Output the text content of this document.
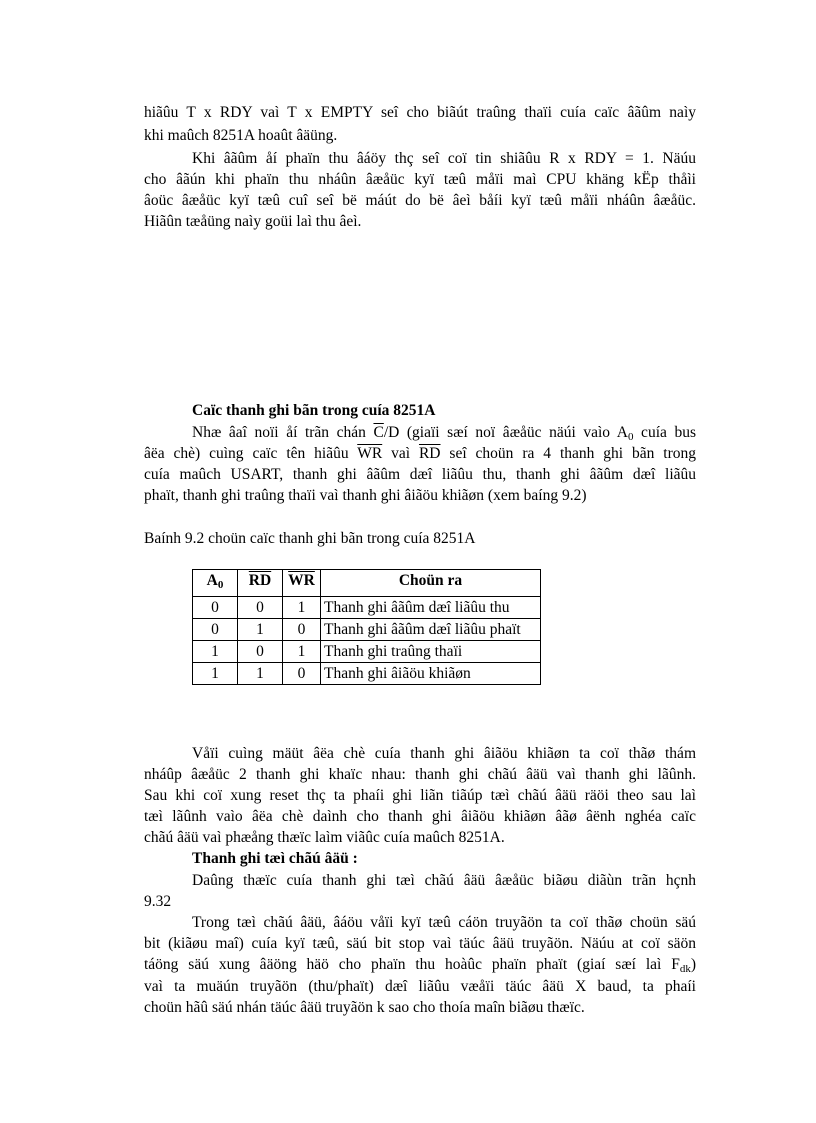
hiãûu T x RDY vaì T x EMPTY seî cho biãút traûng thaïi cuía caïc âãûm naìy
khi maûch 8251A hoaût âäüng.
Khi âãûm åí phaïn thu âáöy thç seî coï tin shiãûu R x RDY = 1. Näúu
cho âãún khi phaïn thu nháûn âæåüc kyï tæû måïi maì CPU khäng kËp thåìi
âoüc âæåüc kyï tæû cuî seî bë máút do bë âeì båíi kyï tæû måïi nháûn âæåüc.
Hiãûn tæåüng naìy goüi laì thu âeì.
Caïc thanh ghi bãn trong cuía 8251A
Nhæ âaî noïi åí trãn chán $\overline{C}/D$ (giaïi sæí noï âæåüc näúi vaìo $A_0$ cuía bus
âëa chè) cuìng caïc tên hiãûu $\overline{WR}$ vaì $\overline{RD}$ seî choün ra 4 thanh ghi bãn trong
cuía maûch USART, thanh ghi âãûm dæî liãûu thu, thanh ghi âãûm dæî liãûu
phaït, thanh ghi traûng thaïi vaì thanh ghi âiãöu khiãøn (xem baíng 9.2)
Baính 9.2 choün caïc thanh ghi bãn trong cuía 8251A
$A_0$	$\overline{RD}$	$\overline{WR}$	Choün ra
0	0	1	Thanh ghi âãûm dæî liãûu thu
0	1	0	Thanh ghi âãûm dæî liãûu phaït
1	0	1	Thanh ghi traûng thaïi
1	1	0	Thanh ghi âiãöu khiãøn
Våïi cuìng mäüt âëa chè cuía thanh ghi âiãöu khiãøn ta coï thãø thám
nháûp âæåüc 2 thanh ghi khaïc nhau: thanh ghi chãú âäü vaì thanh ghi lãûnh.
Sau khi coï xung reset thç ta phaíi ghi liãn tiãúp tæì chãú âäü räöi theo sau laì
tæì lãûnh vaìo âëa chè daình cho thanh ghi âiãöu khiãøn âãø âënh nghéa caïc
chãú âäü vaì phæång thæïc laìm viãûc cuía maûch 8251A.
Thanh ghi tæì chãú âäü :
Daûng thæïc cuía thanh ghi tæì chãú âäü âæåüc biãøu diãùn trãn hçnh
9.32
Trong tæì chãú âäü, âáöu våïi kyï tæû cáön truyãön ta coï thãø choün säú
bit (kiãøu maî) cuía kyï tæû, säú bit stop vaì täúc âäü truyãön. Näúu at coï säön
táöng säú xung âäöng häö cho phaïn thu hoàûc phaïn phaït (giaí sæí laì $F_{dk}$)
vaì ta muäún truyãön (thu/phaït) dæî liãûu væåïi täúc âäü X baud, ta phaíi
choün hãû säú nhán täúc âäü truyãön k sao cho thoía maîn biãøu thæïc.
